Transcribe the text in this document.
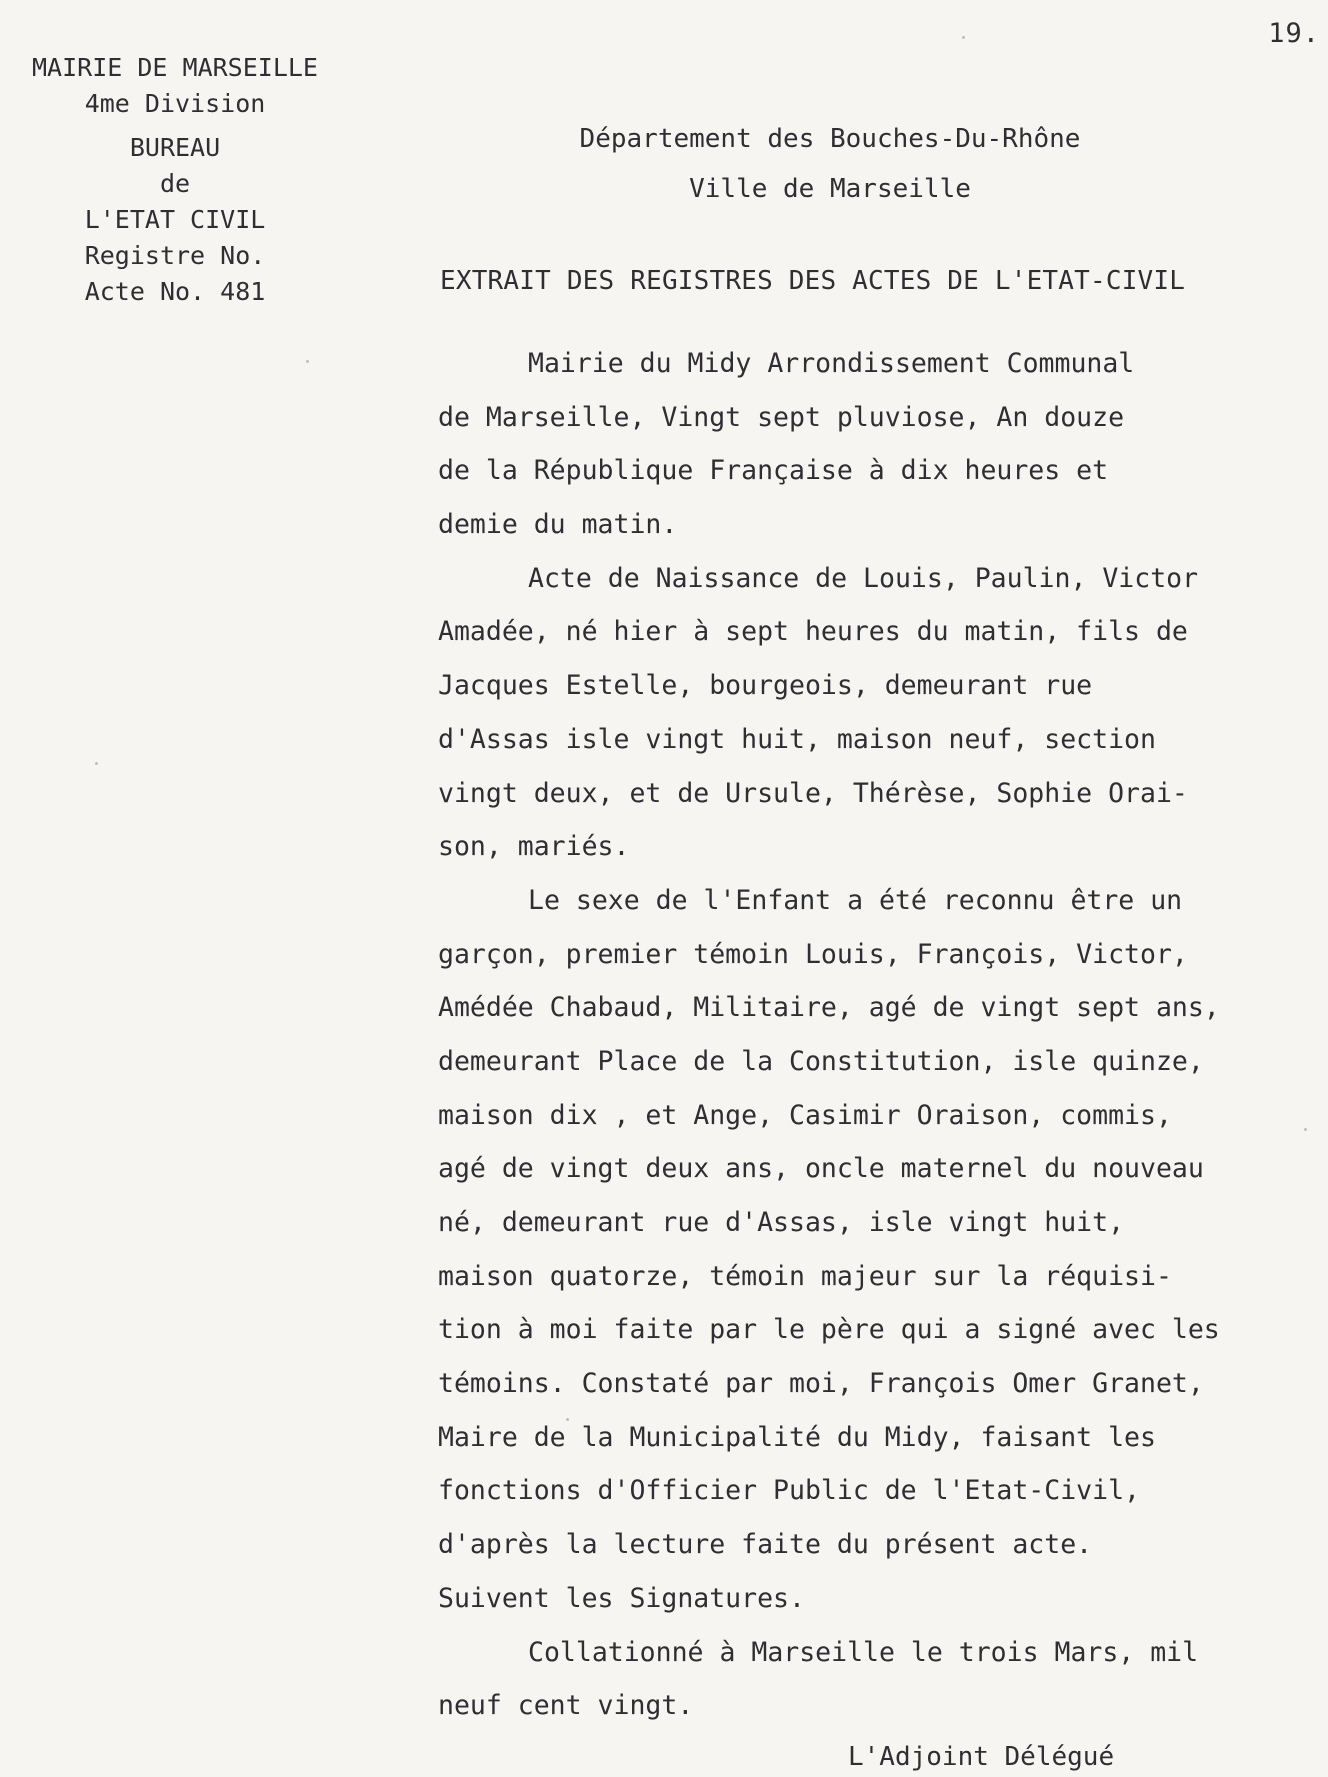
19.
MAIRIE DE MARSEILLE
4me Division
BUREAU
de
L'ETAT CIVIL
Registre No.
Acte No. 481
Département des Bouches-Du-Rhône
Ville de Marseille
EXTRAIT DES REGISTRES DES ACTES DE L'ETAT-CIVIL
Mairie du Midy Arrondissement Communal
de Marseille, Vingt sept pluviose, An douze
de la République Française à dix heures et
demie du matin.
Acte de Naissance de Louis, Paulin, Victor
Amadée, né hier à sept heures du matin, fils de
Jacques Estelle, bourgeois, demeurant rue
d'Assas isle vingt huit, maison neuf, section
vingt deux, et de Ursule, Thérèse, Sophie Orai-
son, mariés.
Le sexe de l'Enfant a été reconnu être un
garçon, premier témoin Louis, François, Victor,
Amédée Chabaud, Militaire, agé de vingt sept ans,
demeurant Place de la Constitution, isle quinze,
maison dix , et Ange, Casimir Oraison, commis,
agé de vingt deux ans, oncle maternel du nouveau
né, demeurant rue d'Assas, isle vingt huit,
maison quatorze, témoin majeur sur la réquisi-
tion à moi faite par le père qui a signé avec les
témoins. Constaté par moi, François Omer Granet,
Maire de la Municipalité du Midy, faisant les
fonctions d'Officier Public de l'Etat-Civil,
d'après la lecture faite du présent acte.
Suivent les Signatures.
Collationné à Marseille le trois Mars, mil
neuf cent vingt.
L'Adjoint Délégué
